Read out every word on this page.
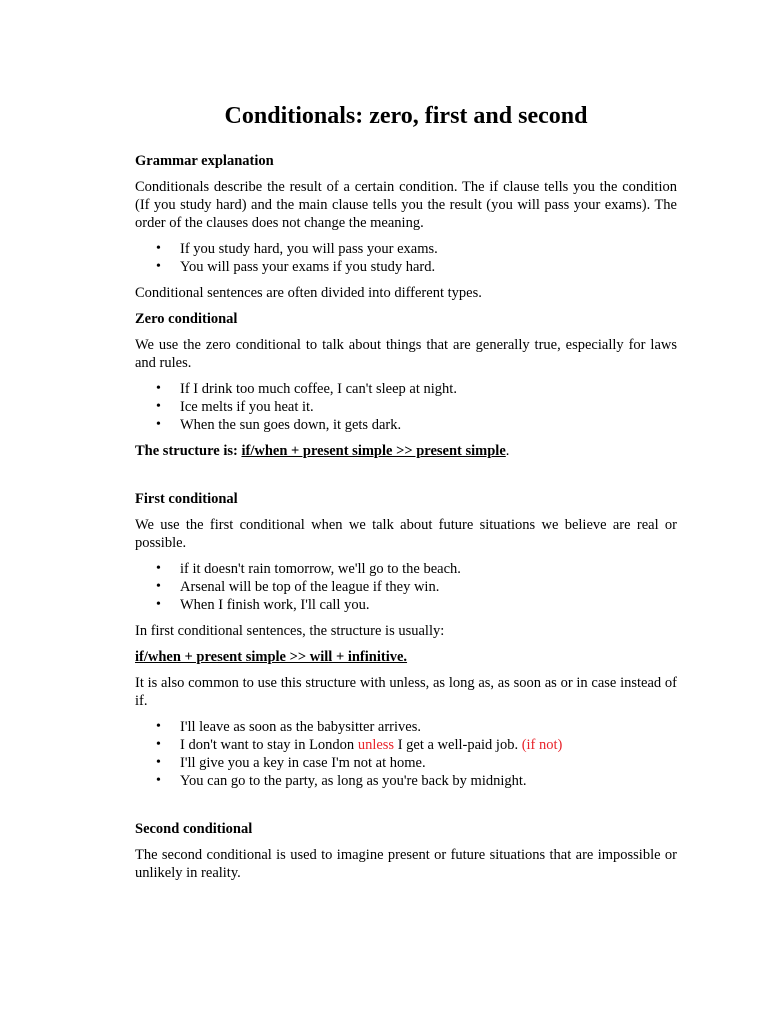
Conditionals: zero, first and second
Grammar explanation

Conditionals describe the result of a certain condition. The if clause tells you the condition (If you study hard) and the main clause tells you the result (you will pass your exams). The order of the clauses does not change the meaning.

• If you study hard, you will pass your exams.
• You will pass your exams if you study hard.

Conditional sentences are often divided into different types.

Zero conditional

We use the zero conditional to talk about things that are generally true, especially for laws and rules.

• If I drink too much coffee, I can't sleep at night.
• Ice melts if you heat it.
• When the sun goes down, it gets dark.
The structure is: if/when + present simple >> present simple.
First conditional

We use the first conditional when we talk about future situations we believe are real or possible.

• if it doesn't rain tomorrow, we'll go to the beach.
• Arsenal will be top of the league if they win.
• When I finish work, I'll call you.

In first conditional sentences, the structure is usually:

if/when + present simple >> will + infinitive.

It is also common to use this structure with unless, as long as, as soon as or in case instead of if.

• I'll leave as soon as the babysitter arrives.
• I don't want to stay in London unless I get a well-paid job. (if not)
• I'll give you a key in case I'm not at home.
• You can go to the party, as long as you're back by midnight.
Second conditional

The second conditional is used to imagine present or future situations that are impossible or unlikely in reality.
